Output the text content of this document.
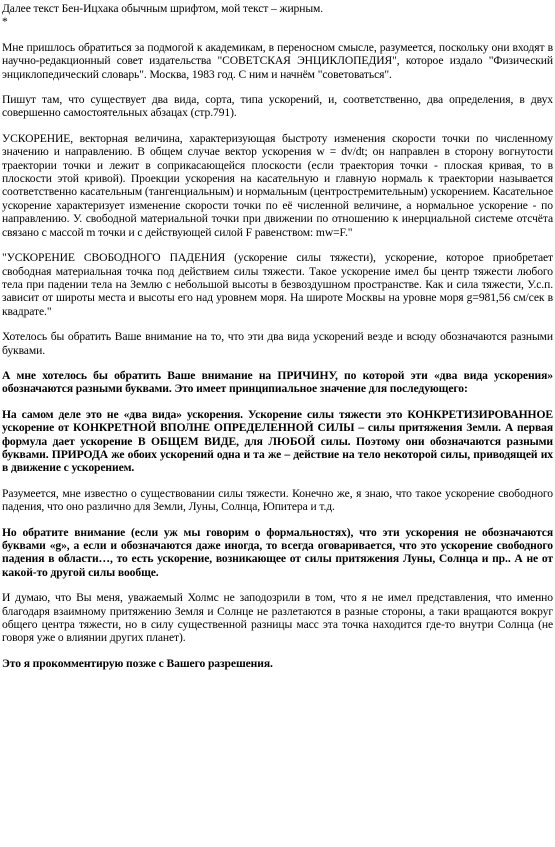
Далее текст Бен-Ицхака обычным шрифтом, мой текст – жирным.

*

Мне пришлось обратиться за подмогой к академикам, в переносном смысле, разумеется, поскольку они входят в научно-редакционный совет издательства "СОВЕТСКАЯ ЭНЦИКЛОПЕДИЯ", которое издало "Физический энциклопедический словарь". Москва, 1983 год. С ним и начнём "советоваться".

Пишут там, что существует два вида, сорта, типа ускорений, и, соответственно, два определения, в двух совершенно самостоятельных абзацах (стр.791).

УСКОРЕНИЕ, векторная величина, характеризующая быстроту изменения скорости точки по численному значению и направлению. В общем случае вектор ускорения w = dv/dt; он направлен в сторону вогнутости траектории точки и лежит в соприкасающейся плоскости (если траектория точки - плоская кривая, то в плоскости этой кривой). Проекции ускорения на касательную и главную нормаль к траектории называется соответственно касательным (тангенциальным) и нормальным (центростремительным) ускорением. Касательное ускорение характеризует изменение скорости точки по её численной величине, а нормальное ускорение - по направлению. У. свободной материальной точки при движении по отношению к инерциальной системе отсчёта связано с массой m точки и с действующей силой F равенством: mw=F."

"УСКОРЕНИЕ СВОБОДНОГО ПАДЕНИЯ (ускорение силы тяжести), ускорение, которое приобретает свободная материальная точка под действием силы тяжести. Такое ускорение имел бы центр тяжести любого тела при падении тела на Землю с небольшой высоты в безвоздушном пространстве. Как и сила тяжести, У.с.п. зависит от широты места и высоты его над уровнем моря. На широте Москвы на уровне моря g=981,56 см/сек в квадрате."

Хотелось бы обратить Ваше внимание на то, что эти два вида ускорений везде и всюду обозначаются разными буквами.

А мне хотелось бы обратить Ваше внимание на ПРИЧИНУ, по которой эти «два вида ускорения» обозначаются разными буквами. Это имеет принципиальное значение для последующего:

На самом деле это не «два вида» ускорения. Ускорение силы тяжести это КОНКРЕТИЗИРОВАННОЕ ускорение от КОНКРЕТНОЙ ВПОЛНЕ ОПРЕДЕЛЕННОЙ СИЛЫ – силы притяжения Земли. А первая формула дает ускорение В ОБЩЕМ ВИДЕ, для ЛЮБОЙ силы. Поэтому они обозначаются разными буквами. ПРИРОДА же обоих ускорений одна и та же – действие на тело некоторой силы, приводящей их в движение с ускорением.

Разумеется, мне известно о существовании силы тяжести. Конечно же, я знаю, что такое ускорение свободного падения, что оно различно для Земли, Луны, Солнца, Юпитера и т.д.

Но обратите внимание (если уж мы говорим о формальностях), что эти ускорения не обозначаются буквами «g», а если и обозначаются даже иногда, то всегда оговаривается, что это ускорение свободного падения в области…, то есть ускорение, возникающее от силы притяжения Луны, Солнца и пр.. А не от какой-то другой силы вообще.

И думаю, что Вы меня, уважаемый Холмс не заподозрили в том, что я не имел представления, что именно благодаря взаимному притяжению Земля и Солнце не разлетаются в разные стороны, а таки вращаются вокруг общего центра тяжести, но в силу существенной разницы масс эта точка находится где-то внутри Солнца (не говоря уже о влиянии других планет).

Это я прокомментирую позже с Вашего разрешения.
